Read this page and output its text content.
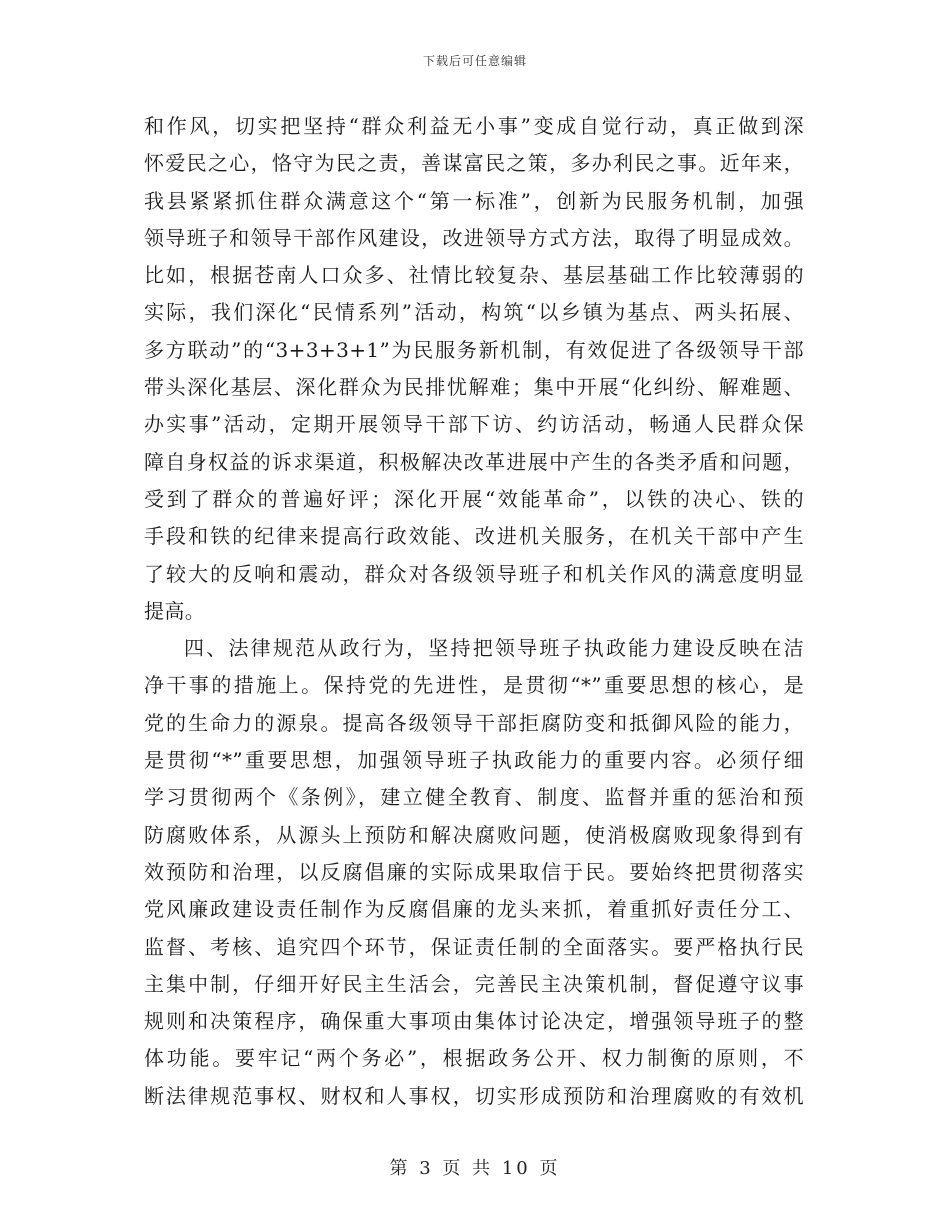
下载后可任意编辑
和作风，切实把坚持“群众利益无小事”变成自觉行动，真正做到深
怀爱民之心，恪守为民之责，善谋富民之策，多办利民之事。近年来，
我县紧紧抓住群众满意这个“第一标准”，创新为民服务机制，加强
领导班子和领导干部作风建设，改进领导方式方法，取得了明显成效。
比如，根据苍南人口众多、社情比较复杂、基层基础工作比较薄弱的
实际，我们深化“民情系列”活动，构筑“以乡镇为基点、两头拓展、
多方联动”的“3+3+3+1”为民服务新机制，有效促进了各级领导干部
带头深化基层、深化群众为民排忧解难；集中开展“化纠纷、解难题、
办实事”活动，定期开展领导干部下访、约访活动，畅通人民群众保
障自身权益的诉求渠道，积极解决改革进展中产生的各类矛盾和问题，
受到了群众的普遍好评；深化开展“效能革命”，以铁的决心、铁的
手段和铁的纪律来提高行政效能、改进机关服务，在机关干部中产生
了较大的反响和震动，群众对各级领导班子和机关作风的满意度明显
提高。
四、法律规范从政行为，坚持把领导班子执政能力建设反映在洁
净干事的措施上。保持党的先进性，是贯彻“*”重要思想的核心，是
党的生命力的源泉。提高各级领导干部拒腐防变和抵御风险的能力，
是贯彻“*”重要思想，加强领导班子执政能力的重要内容。必须仔细
学习贯彻两个《条例》，建立健全教育、制度、监督并重的惩治和预
防腐败体系，从源头上预防和解决腐败问题，使消极腐败现象得到有
效预防和治理，以反腐倡廉的实际成果取信于民。要始终把贯彻落实
党风廉政建设责任制作为反腐倡廉的龙头来抓，着重抓好责任分工、
监督、考核、追究四个环节，保证责任制的全面落实。要严格执行民
主集中制，仔细开好民主生活会，完善民主决策机制，督促遵守议事
规则和决策程序，确保重大事项由集体讨论决定，增强领导班子的整
体功能。要牢记“两个务必”，根据政务公开、权力制衡的原则，不
断法律规范事权、财权和人事权，切实形成预防和治理腐败的有效机
第 3 页 共 10 页
